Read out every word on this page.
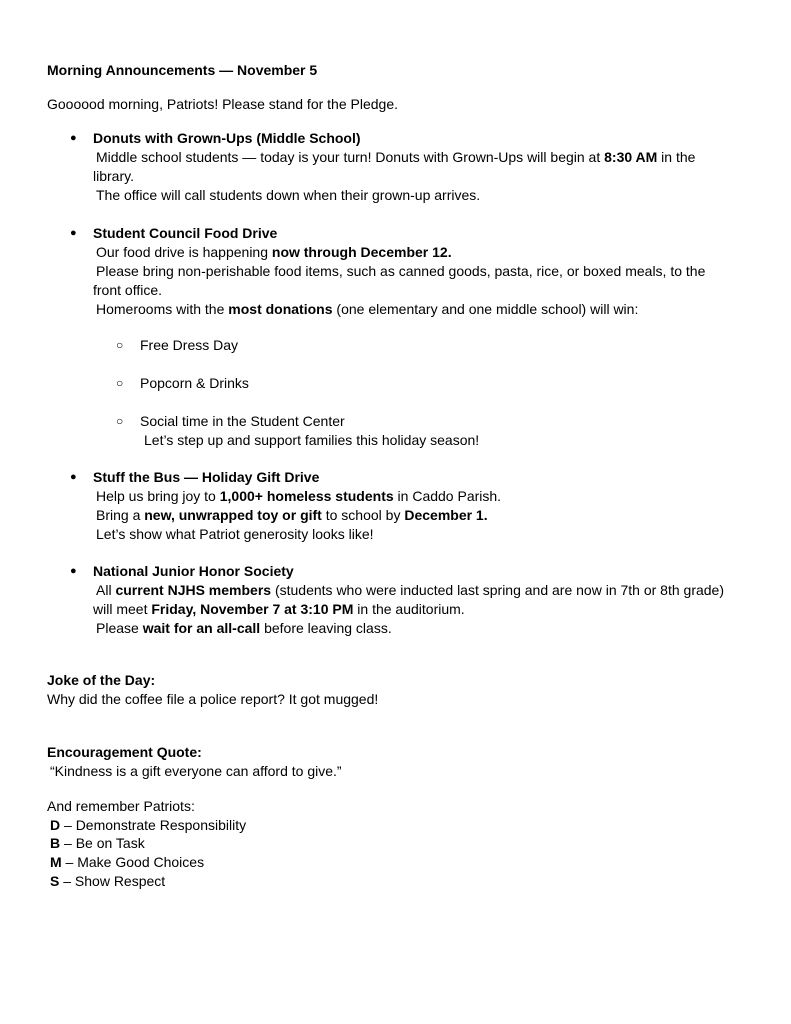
Morning Announcements — November 5
Goooood morning, Patriots! Please stand for the Pledge.
● Donuts with Grown-Ups (Middle School)
Middle school students — today is your turn! Donuts with Grown-Ups will begin at 8:30 AM in the
library.
The office will call students down when their grown-up arrives.
● Student Council Food Drive
Our food drive is happening now through December 12.
Please bring non-perishable food items, such as canned goods, pasta, rice, or boxed meals, to the
front office.
Homerooms with the most donations (one elementary and one middle school) will win:
○ Free Dress Day
○ Popcorn & Drinks
○ Social time in the Student Center
Let’s step up and support families this holiday season!
● Stuff the Bus — Holiday Gift Drive
Help us bring joy to 1,000+ homeless students in Caddo Parish.
Bring a new, unwrapped toy or gift to school by December 1.
Let’s show what Patriot generosity looks like!
● National Junior Honor Society
All current NJHS members (students who were inducted last spring and are now in 7th or 8th grade)
will meet Friday, November 7 at 3:10 PM in the auditorium.
Please wait for an all-call before leaving class.
Joke of the Day:
Why did the coffee file a police report? It got mugged!
Encouragement Quote:
“Kindness is a gift everyone can afford to give.”
And remember Patriots:
D – Demonstrate Responsibility
B – Be on Task
M – Make Good Choices
S – Show Respect
